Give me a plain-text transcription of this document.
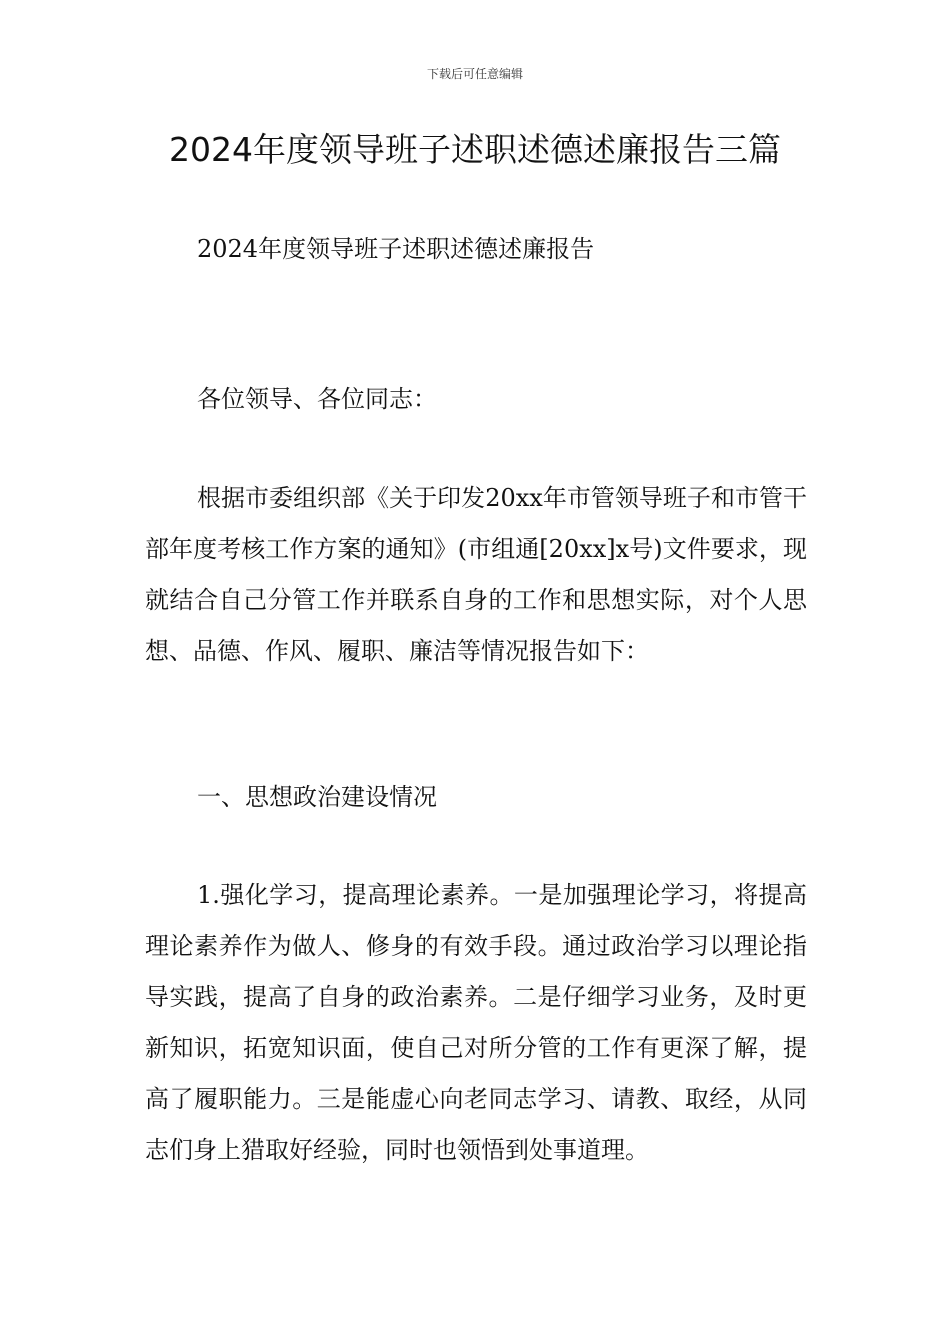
下载后可任意编辑
2024年度领导班子述职述德述廉报告三篇

2024年度领导班子述职述德述廉报告

各位领导、各位同志：

根据市委组织部《关于印发20xx年市管领导班子和市管干部年度考核工作方案的通知》(市组通[20xx]x号)文件要求，现就结合自己分管工作并联系自身的工作和思想实际，对个人思想、品德、作风、履职、廉洁等情况报告如下：

一、思想政治建设情况

1.强化学习，提高理论素养。一是加强理论学习，将提高理论素养作为做人、修身的有效手段。通过政治学习以理论指导实践，提高了自身的政治素养。二是仔细学习业务，及时更新知识，拓宽知识面，使自己对所分管的工作有更深了解，提高了履职能力。三是能虚心向老同志学习、请教、取经，从同志们身上猎取好经验，同时也领悟到处事道理。
